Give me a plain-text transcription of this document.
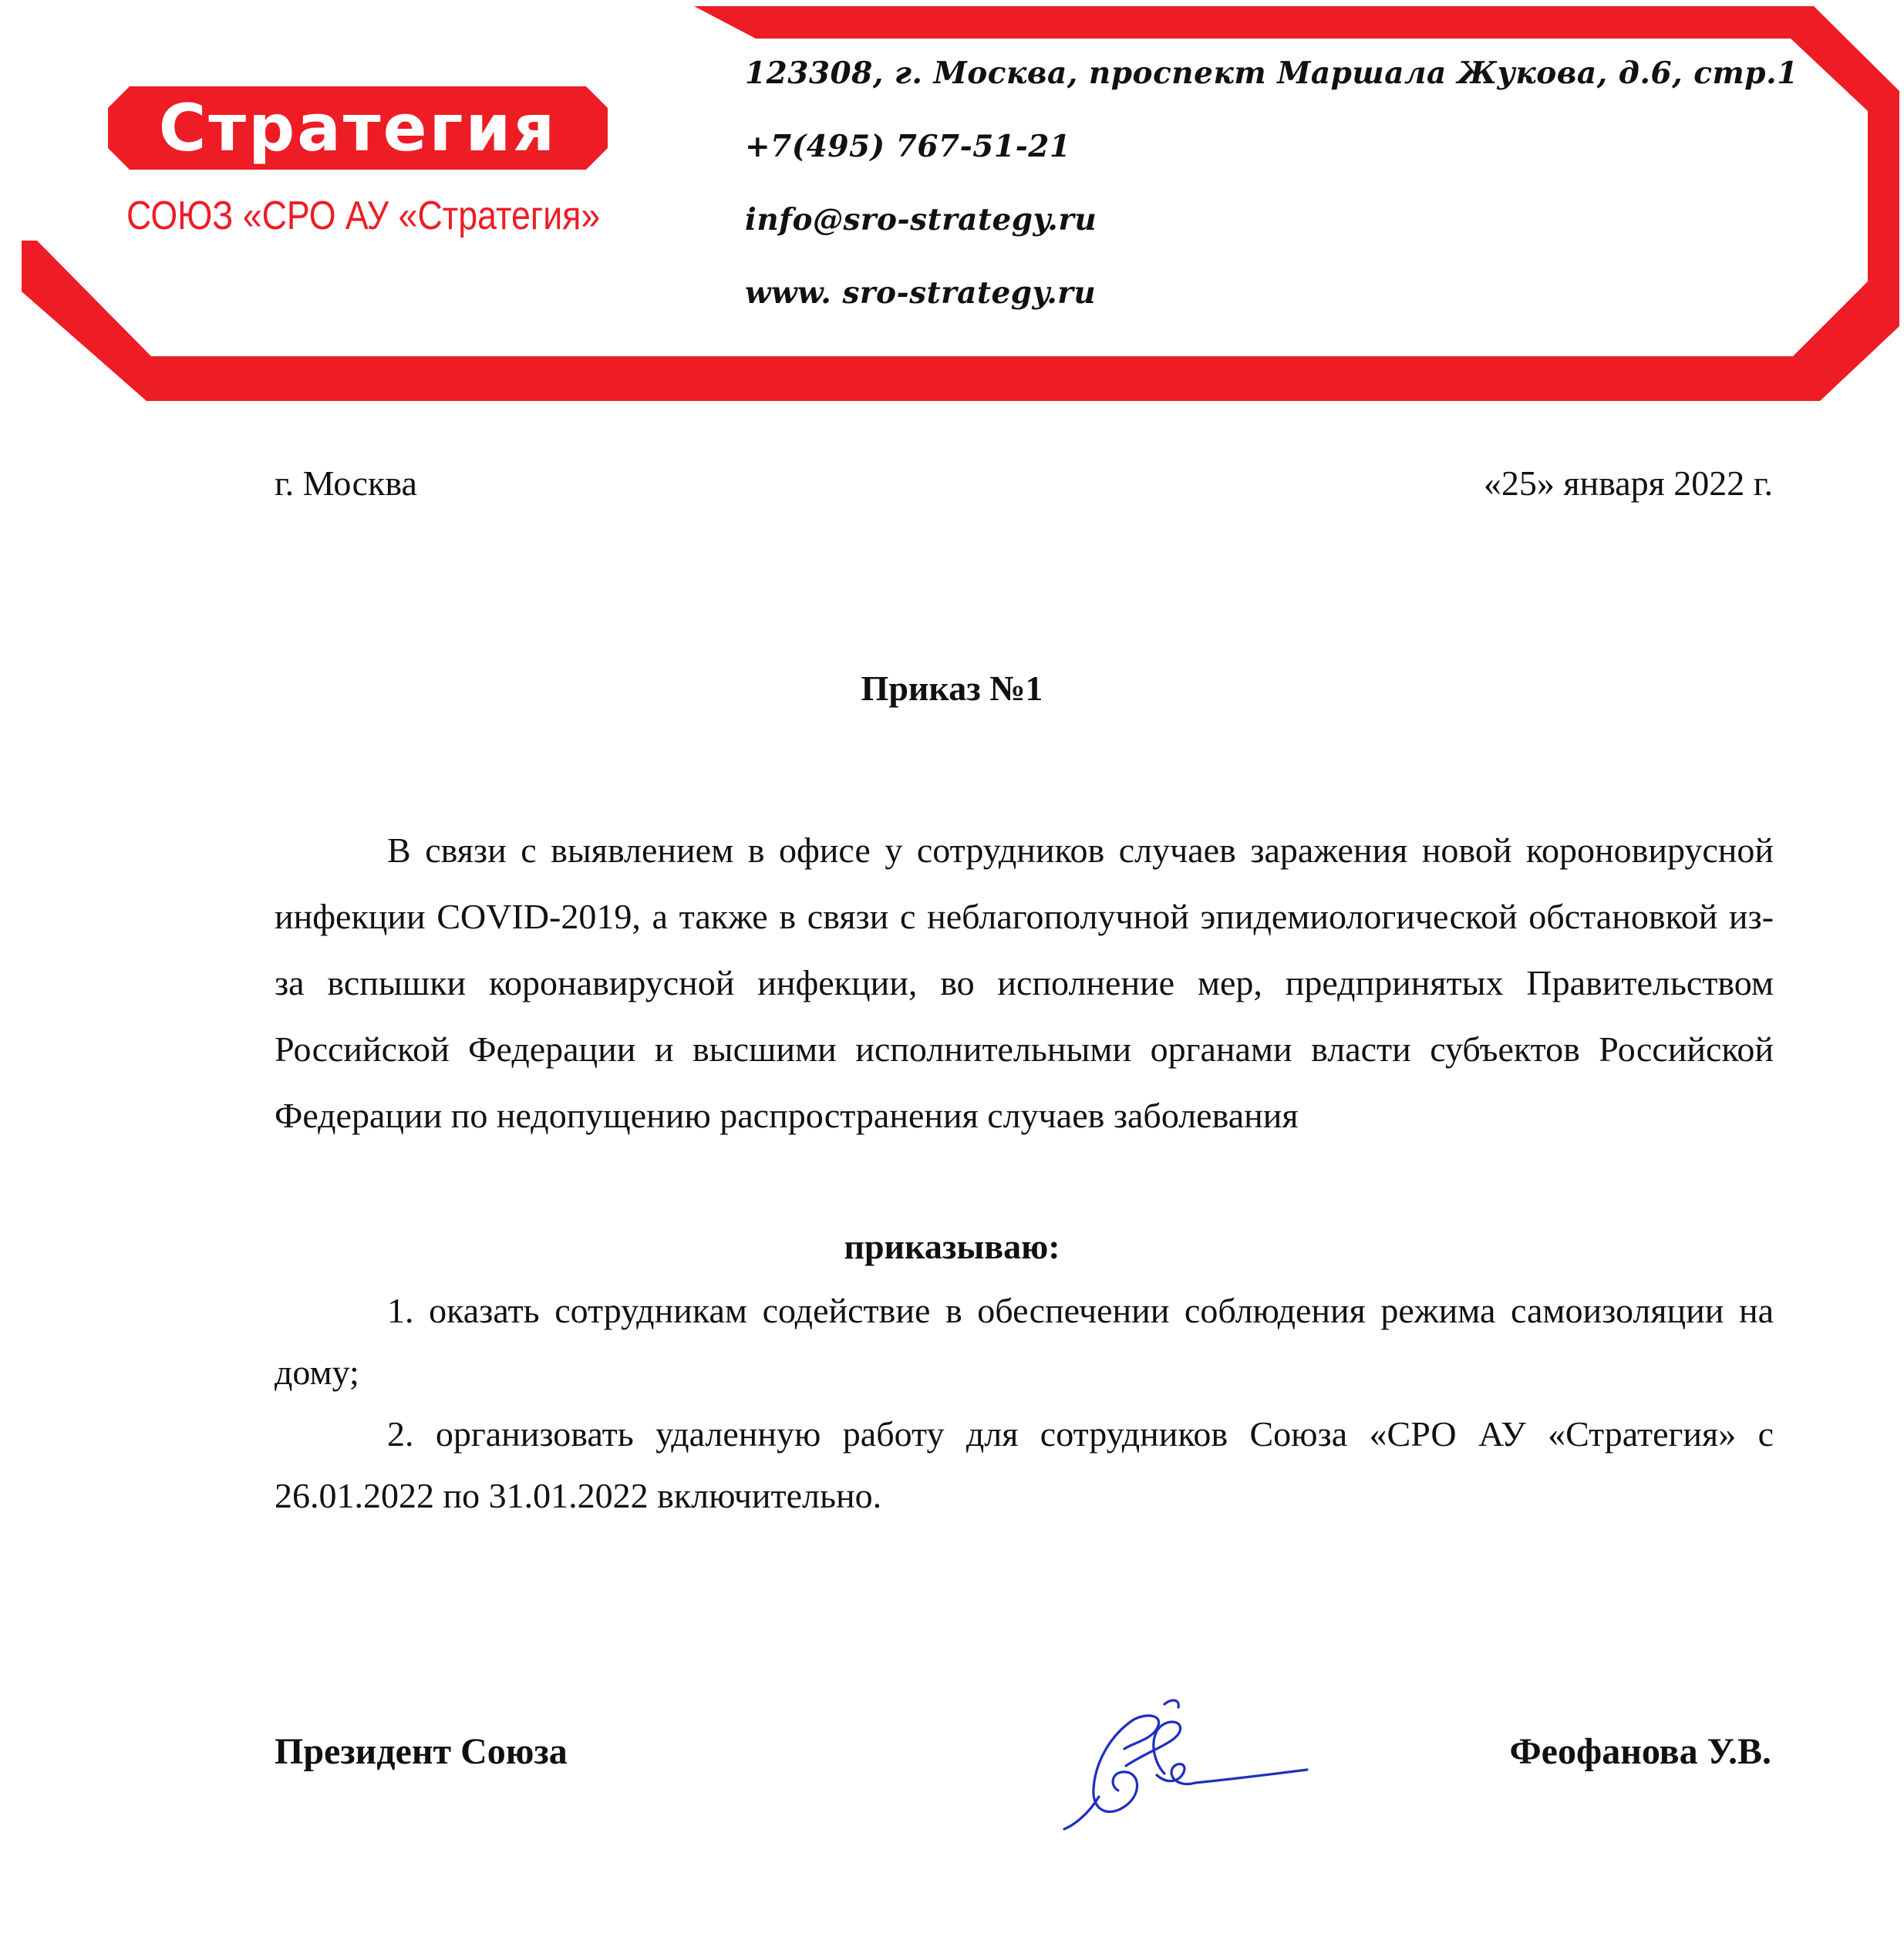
Стратегия
СОЮЗ «СРО АУ «Стратегия»
123308, г. Москва, проспект Маршала Жукова, д.6, стр.1
+7(495) 767-51-21
info@sro-strategy.ru
www. sro-strategy.ru
г. Москва	«25» января 2022 г.
Приказ №1

В связи с выявлением в офисе у сотрудников случаев заражения новой короновирусной инфекции COVID-2019, а также в связи с неблагополучной эпидемиологической обстановкой из-за вспышки коронавирусной инфекции, во исполнение мер, предпринятых Правительством Российской Федерации и высшими исполнительными органами власти субъектов Российской Федерации по недопущению распространения случаев заболевания

приказываю:

1. оказать сотрудникам содействие в обеспечении соблюдения режима самоизоляции на дому;

2. организовать удаленную работу для сотрудников Союза «СРО АУ «Стратегия» с 26.01.2022 по 31.01.2022 включительно.

Президент Союза	Феофанова У.В.
